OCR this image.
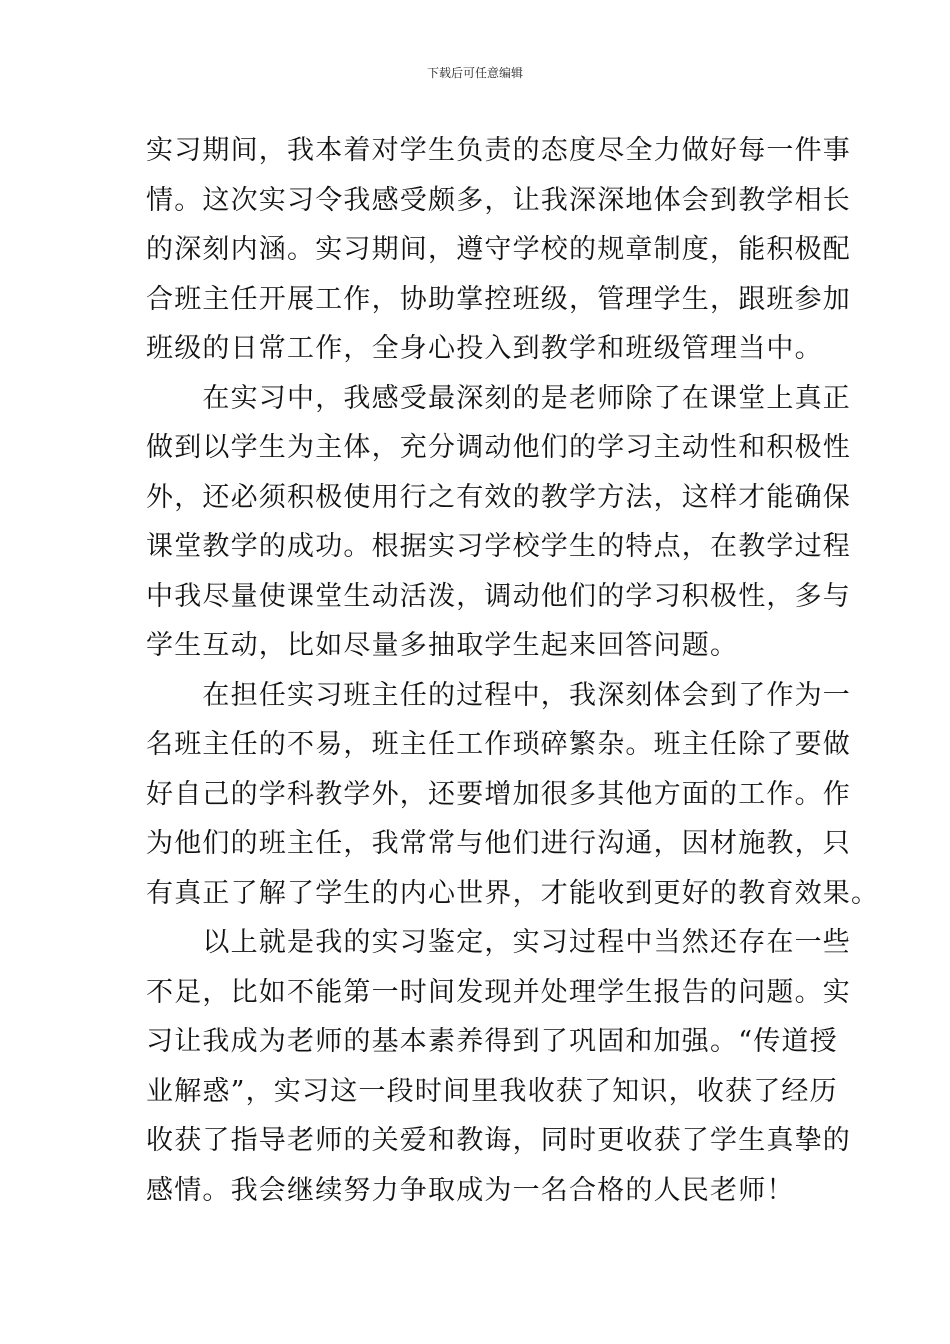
下载后可任意编辑
实习期间，我本着对学生负责的态度尽全力做好每一件事
情。这次实习令我感受颇多，让我深深地体会到教学相长
的深刻内涵。实习期间，遵守学校的规章制度，能积极配
合班主任开展工作，协助掌控班级，管理学生，跟班参加
班级的日常工作，全身心投入到教学和班级管理当中。
　　在实习中，我感受最深刻的是老师除了在课堂上真正
做到以学生为主体，充分调动他们的学习主动性和积极性
外，还必须积极使用行之有效的教学方法，这样才能确保
课堂教学的成功。根据实习学校学生的特点，在教学过程
中我尽量使课堂生动活泼，调动他们的学习积极性，多与
学生互动，比如尽量多抽取学生起来回答问题。
　　在担任实习班主任的过程中，我深刻体会到了作为一
名班主任的不易，班主任工作琐碎繁杂。班主任除了要做
好自己的学科教学外，还要增加很多其他方面的工作。作
为他们的班主任，我常常与他们进行沟通，因材施教，只
有真正了解了学生的内心世界，才能收到更好的教育效果。
　　以上就是我的实习鉴定，实习过程中当然还存在一些
不足，比如不能第一时间发现并处理学生报告的问题。实
习让我成为老师的基本素养得到了巩固和加强。“传道授
业解惑”，实习这一段时间里我收获了知识，收获了经历
收获了指导老师的关爱和教诲，同时更收获了学生真挚的
感情。我会继续努力争取成为一名合格的人民老师！
